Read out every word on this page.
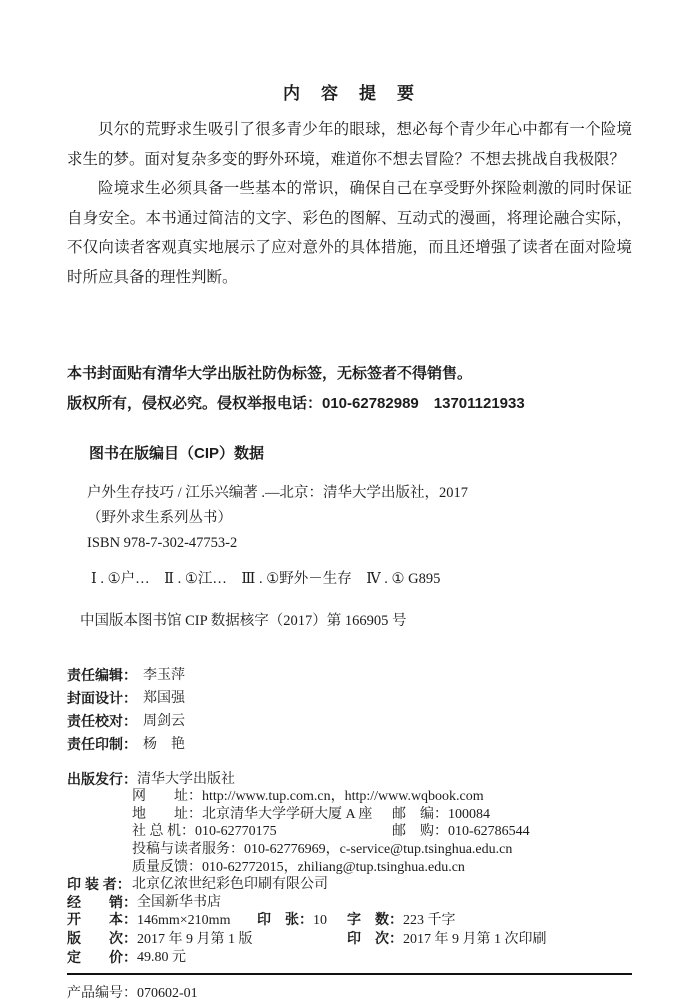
内　容　提　要

贝尔的荒野求生吸引了很多青少年的眼球，想必每个青少年心中都有一个险境求生的梦。面对复杂多变的野外环境，难道你不想去冒险？不想去挑战自我极限？

险境求生必须具备一些基本的常识，确保自己在享受野外探险刺激的同时保证自身安全。本书通过简洁的文字、彩色的图解、互动式的漫画，将理论融合实际，不仅向读者客观真实地展示了应对意外的具体措施，而且还增强了读者在面对险境时所应具备的理性判断。

本书封面贴有清华大学出版社防伪标签，无标签者不得销售。
版权所有，侵权必究。侵权举报电话：010-62782989　13701121933
图书在版编目（CIP）数据
户外生存技巧 / 江乐兴编著 .—北京：清华大学出版社，2017
（野外求生系列丛书）
ISBN 978-7-302-47753-2
Ⅰ . ①户…　Ⅱ . ①江…　Ⅲ . ①野外－生存　Ⅳ . ① G895
中国版本图书馆 CIP 数据核字（2017）第 166905 号
责任编辑： 李玉萍
封面设计： 郑国强
责任校对： 周剑云
责任印制： 杨　艳
出版发行： 清华大学出版社
网　　址： http://www.tup.com.cn，http://www.wqbook.com
地　　址：北京清华大学学研大厦 A 座	邮　编：100084
社 总 机：010-62770175	邮　购：010-62786544
投稿与读者服务： 010-62776969，c-service@tup.tsinghua.edu.cn
质量反馈： 010-62772015，zhiliang@tup.tsinghua.edu.cn
印 装 者： 北京亿浓世纪彩色印刷有限公司
经　　销： 全国新华书店
开　　本：146mm×210mm	印　张：10	字　数：223 千字
版　　次：2017 年 9 月第 1 版	印　次：2017 年 9 月第 1 次印刷
定　　价： 49.80 元
产品编号：070602-01
